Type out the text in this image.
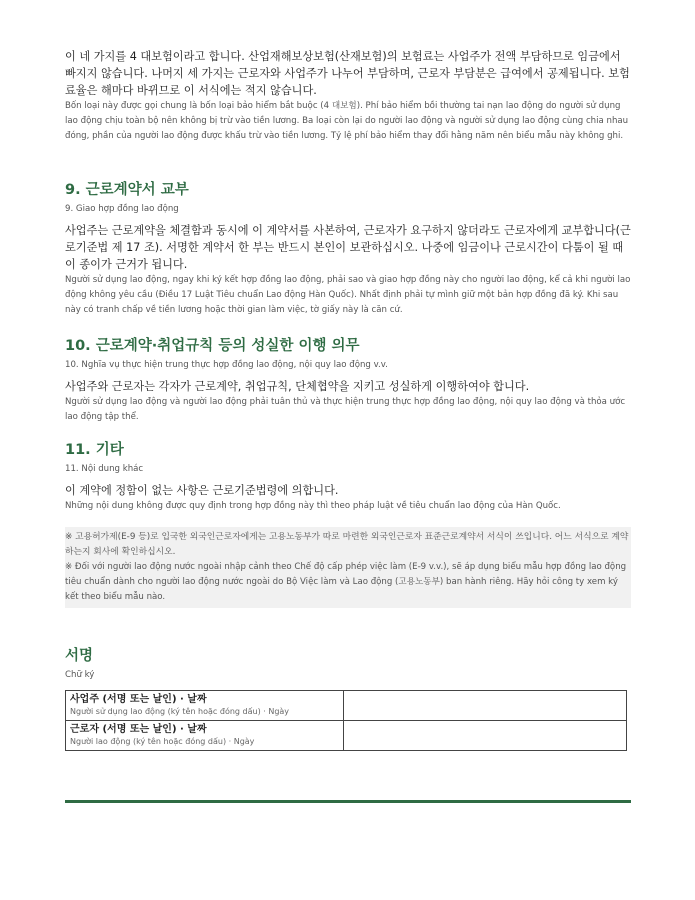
이 네 가지를 4 대보험이라고 합니다. 산업재해보상보험(산재보험)의 보험료는 사업주가 전액 부담하므로 임금에서 빠지지 않습니다. 나머지 세 가지는 근로자와 사업주가 나누어 부담하며, 근로자 부담분은 급여에서 공제됩니다. 보험료율은 해마다 바뀌므로 이 서식에는 적지 않습니다.
Bốn loại này được gọi chung là bốn loại bảo hiểm bắt buộc (4 대보험). Phí bảo hiểm bồi thường tai nạn lao động do người sử dụng lao động chịu toàn bộ nên không bị trừ vào tiền lương. Ba loại còn lại do người lao động và người sử dụng lao động cùng chia nhau đóng, phần của người lao động được khấu trừ vào tiền lương. Tỷ lệ phí bảo hiểm thay đổi hằng năm nên biểu mẫu này không ghi.
9. 근로계약서 교부
9. Giao hợp đồng lao động
사업주는 근로계약을 체결함과 동시에 이 계약서를 사본하여, 근로자가 요구하지 않더라도 근로자에게 교부합니다(근로기준법 제 17 조). 서명한 계약서 한 부는 반드시 본인이 보관하십시오. 나중에 임금이나 근로시간이 다툼이 될 때 이 종이가 근거가 됩니다.
Người sử dụng lao động, ngay khi ký kết hợp đồng lao động, phải sao và giao hợp đồng này cho người lao động, kể cả khi người lao động không yêu cầu (Điều 17 Luật Tiêu chuẩn Lao động Hàn Quốc). Nhất định phải tự mình giữ một bản hợp đồng đã ký. Khi sau này có tranh chấp về tiền lương hoặc thời gian làm việc, tờ giấy này là căn cứ.
10. 근로계약·취업규칙 등의 성실한 이행 의무
10. Nghĩa vụ thực hiện trung thực hợp đồng lao động, nội quy lao động v.v.
사업주와 근로자는 각자가 근로계약, 취업규칙, 단체협약을 지키고 성실하게 이행하여야 합니다.
Người sử dụng lao động và người lao động phải tuân thủ và thực hiện trung thực hợp đồng lao động, nội quy lao động và thỏa ước lao động tập thể.
11. 기타
11. Nội dung khác
이 계약에 정함이 없는 사항은 근로기준법령에 의합니다.
Những nội dung không được quy định trong hợp đồng này thì theo pháp luật về tiêu chuẩn lao động của Hàn Quốc.
※ 고용허가제(E-9 등)로 입국한 외국인근로자에게는 고용노동부가 따로 마련한 외국인근로자 표준근로계약서 서식이 쓰입니다. 어느 서식으로 계약하는지 회사에 확인하십시오.
※ Đối với người lao động nước ngoài nhập cảnh theo Chế độ cấp phép việc làm (E-9 v.v.), sẽ áp dụng biểu mẫu hợp đồng lao động tiêu chuẩn dành cho người lao động nước ngoài do Bộ Việc làm và Lao động (고용노동부) ban hành riêng. Hãy hỏi công ty xem ký kết theo biểu mẫu nào.
서명
Chữ ký
사업주 (서명 또는 날인) · 날짜
Người sử dụng lao động (ký tên hoặc đóng dấu) · Ngày	

근로자 (서명 또는 날인) · 날짜
Người lao động (ký tên hoặc đóng dấu) · Ngày	
